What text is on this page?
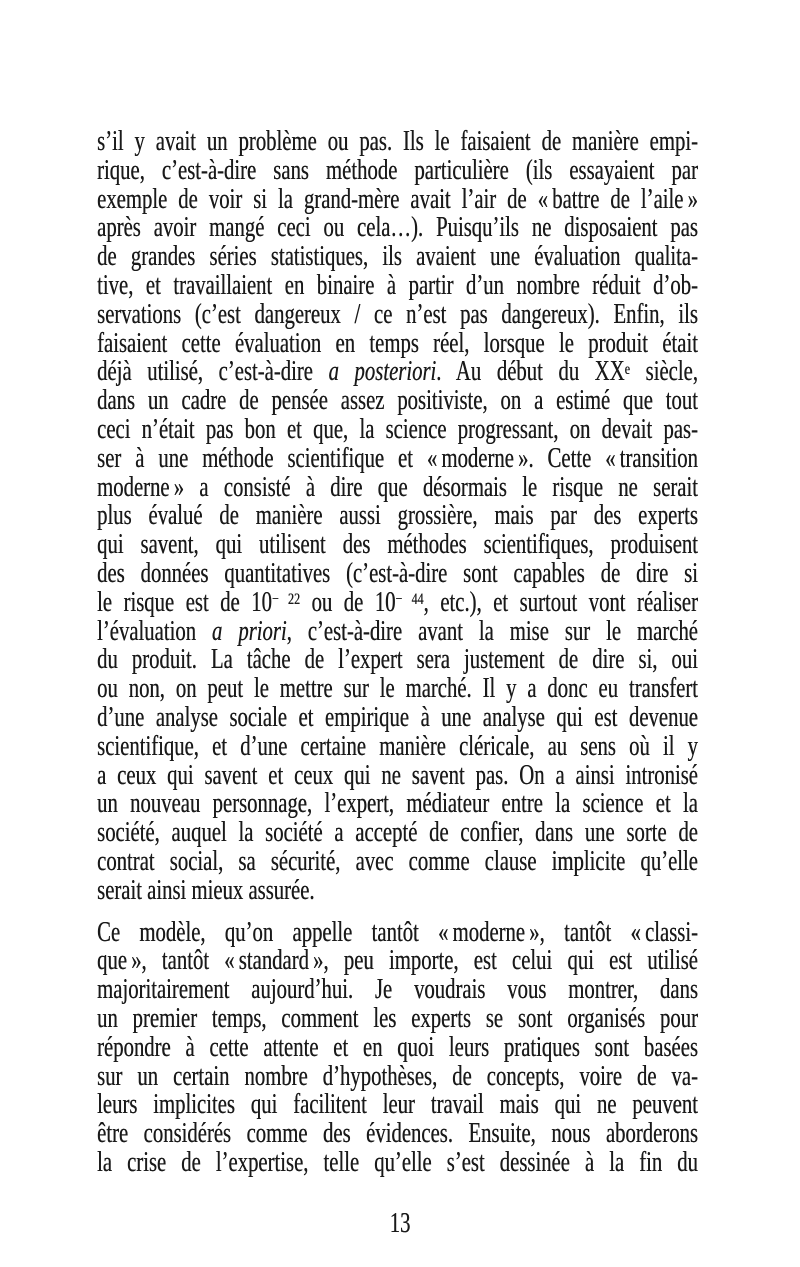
s’il y avait un problème ou pas. Ils le faisaient de manière empi-
rique, c’est-à-dire sans méthode particulière (ils essayaient par
exemple de voir si la grand-mère avait l’air de « battre de l’aile »
après avoir mangé ceci ou cela…). Puisqu’ils ne disposaient pas
de grandes séries statistiques, ils avaient une évaluation qualita-
tive, et travaillaient en binaire à partir d’un nombre réduit d’ob-
servations (c’est dangereux / ce n’est pas dangereux). Enfin, ils
faisaient cette évaluation en temps réel, lorsque le produit était
déjà utilisé, c’est-à-dire a posteriori. Au début du XXe siècle,
dans un cadre de pensée assez positiviste, on a estimé que tout
ceci n’était pas bon et que, la science progressant, on devait pas-
ser à une méthode scientifique et « moderne ». Cette « transition
moderne » a consisté à dire que désormais le risque ne serait
plus évalué de manière aussi grossière, mais par des experts
qui savent, qui utilisent des méthodes scientifiques, produisent
des données quantitatives (c’est-à-dire sont capables de dire si
le risque est de $10^{- 22}$ ou de $10^{- 44}$, etc.), et surtout vont réaliser
l’évaluation a priori, c’est-à-dire avant la mise sur le marché
du produit. La tâche de l’expert sera justement de dire si, oui
ou non, on peut le mettre sur le marché. Il y a donc eu transfert
d’une analyse sociale et empirique à une analyse qui est devenue
scientifique, et d’une certaine manière cléricale, au sens où il y
a ceux qui savent et ceux qui ne savent pas. On a ainsi intronisé
un nouveau personnage, l’expert, médiateur entre la science et la
société, auquel la société a accepté de confier, dans une sorte de
contrat social, sa sécurité, avec comme clause implicite qu’elle
serait ainsi mieux assurée.
Ce modèle, qu’on appelle tantôt « moderne », tantôt « classi-
que », tantôt « standard », peu importe, est celui qui est utilisé
majoritairement aujourd’hui. Je voudrais vous montrer, dans
un premier temps, comment les experts se sont organisés pour
répondre à cette attente et en quoi leurs pratiques sont basées
sur un certain nombre d’hypothèses, de concepts, voire de va-
leurs implicites qui facilitent leur travail mais qui ne peuvent
être considérés comme des évidences. Ensuite, nous aborderons
la crise de l’expertise, telle qu’elle s’est dessinée à la fin du
13
